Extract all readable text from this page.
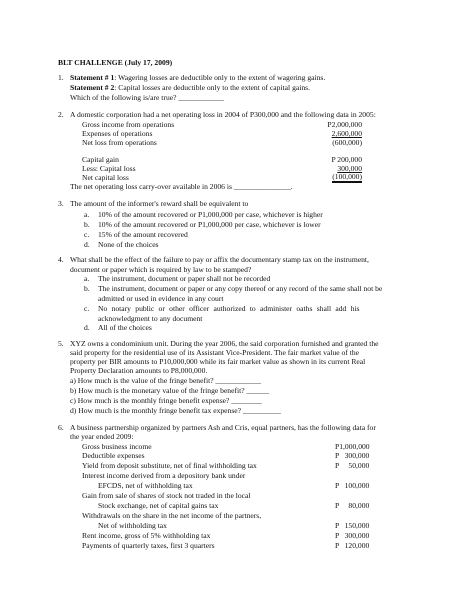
BLT CHALLENGE (July 17, 2009)
1. Statement # 1: Wagering losses are deductible only to the extent of wagering gains.
Statement # 2: Capital losses are deductible only to the extent of capital gains.
Which of the following is/are true? ____________
2. A domestic corporation had a net operating loss in 2004 of P300,000 and the following data in 2005:
Gross income from operations	P2,000,000
Expenses of operations	2,600,000
Net loss from operations	(600,000)
Capital gain	P 200,000
Less: Capital loss	300,000
Net capital loss	(100,000)
The net operating loss carry-over available in 2006 is _______________.
3. The amount of the informer's reward shall be equivalent to
a. 10% of the amount recovered or P1,000,000 per case, whichever is higher
b. 10% of the amount recovered or P1,000,000 per case, whichever is lower
c. 15% of the amount recovered
d. None of the choices
4. What shall be the effect of the failure to pay or affix the documentary stamp tax on the instrument,
document or paper which is required by law to be stamped?
a. The instrument, document or paper shall not be recorded
b. The instrument, document or paper or any copy thereof or any record of the same shall not be
admitted or used in evidence in any court
c. No notary public or other officer authorized to administer oaths shall add his
acknowledgment to any document
d. All of the choices
5. XYZ owns a condominium unit. During the year 2006, the said corporation furnished and granted the
said property for the residential use of its Assistant Vice-President. The fair market value of the
property per BIR amounts to P10,000,000 while its fair market value as shown in its current Real
Property Declaration amounts to P8,000,000.
a) How much is the value of the fringe benefit? ____________
b) How much is the monetary value of the fringe benefit? ______
c) How much is the monthly fringe benefit expense? ________
d) How much is the monthly fringe benefit tax expense? __________
6. A business partnership organized by partners Ash and Cris, equal partners, has the following data for
the year ended 2009:
Gross business income	P1,000,000
Deductible expenses	P   300,000
Yield from deposit substitute, net of final withholding tax	P     50,000
Interest income derived from a depository bank under
EFCDS, net of withholding tax	P   100,000
Gain from sale of shares of stock not traded in the local
Stock exchange, net of capital gains tax	P     80,000
Withdrawals on the share in the net income of the partners,
Net of withholding tax	P   150,000
Rent income, gross of 5% withholding tax	P   300,000
Payments of quarterly taxes, first 3 quarters	P   120,000
